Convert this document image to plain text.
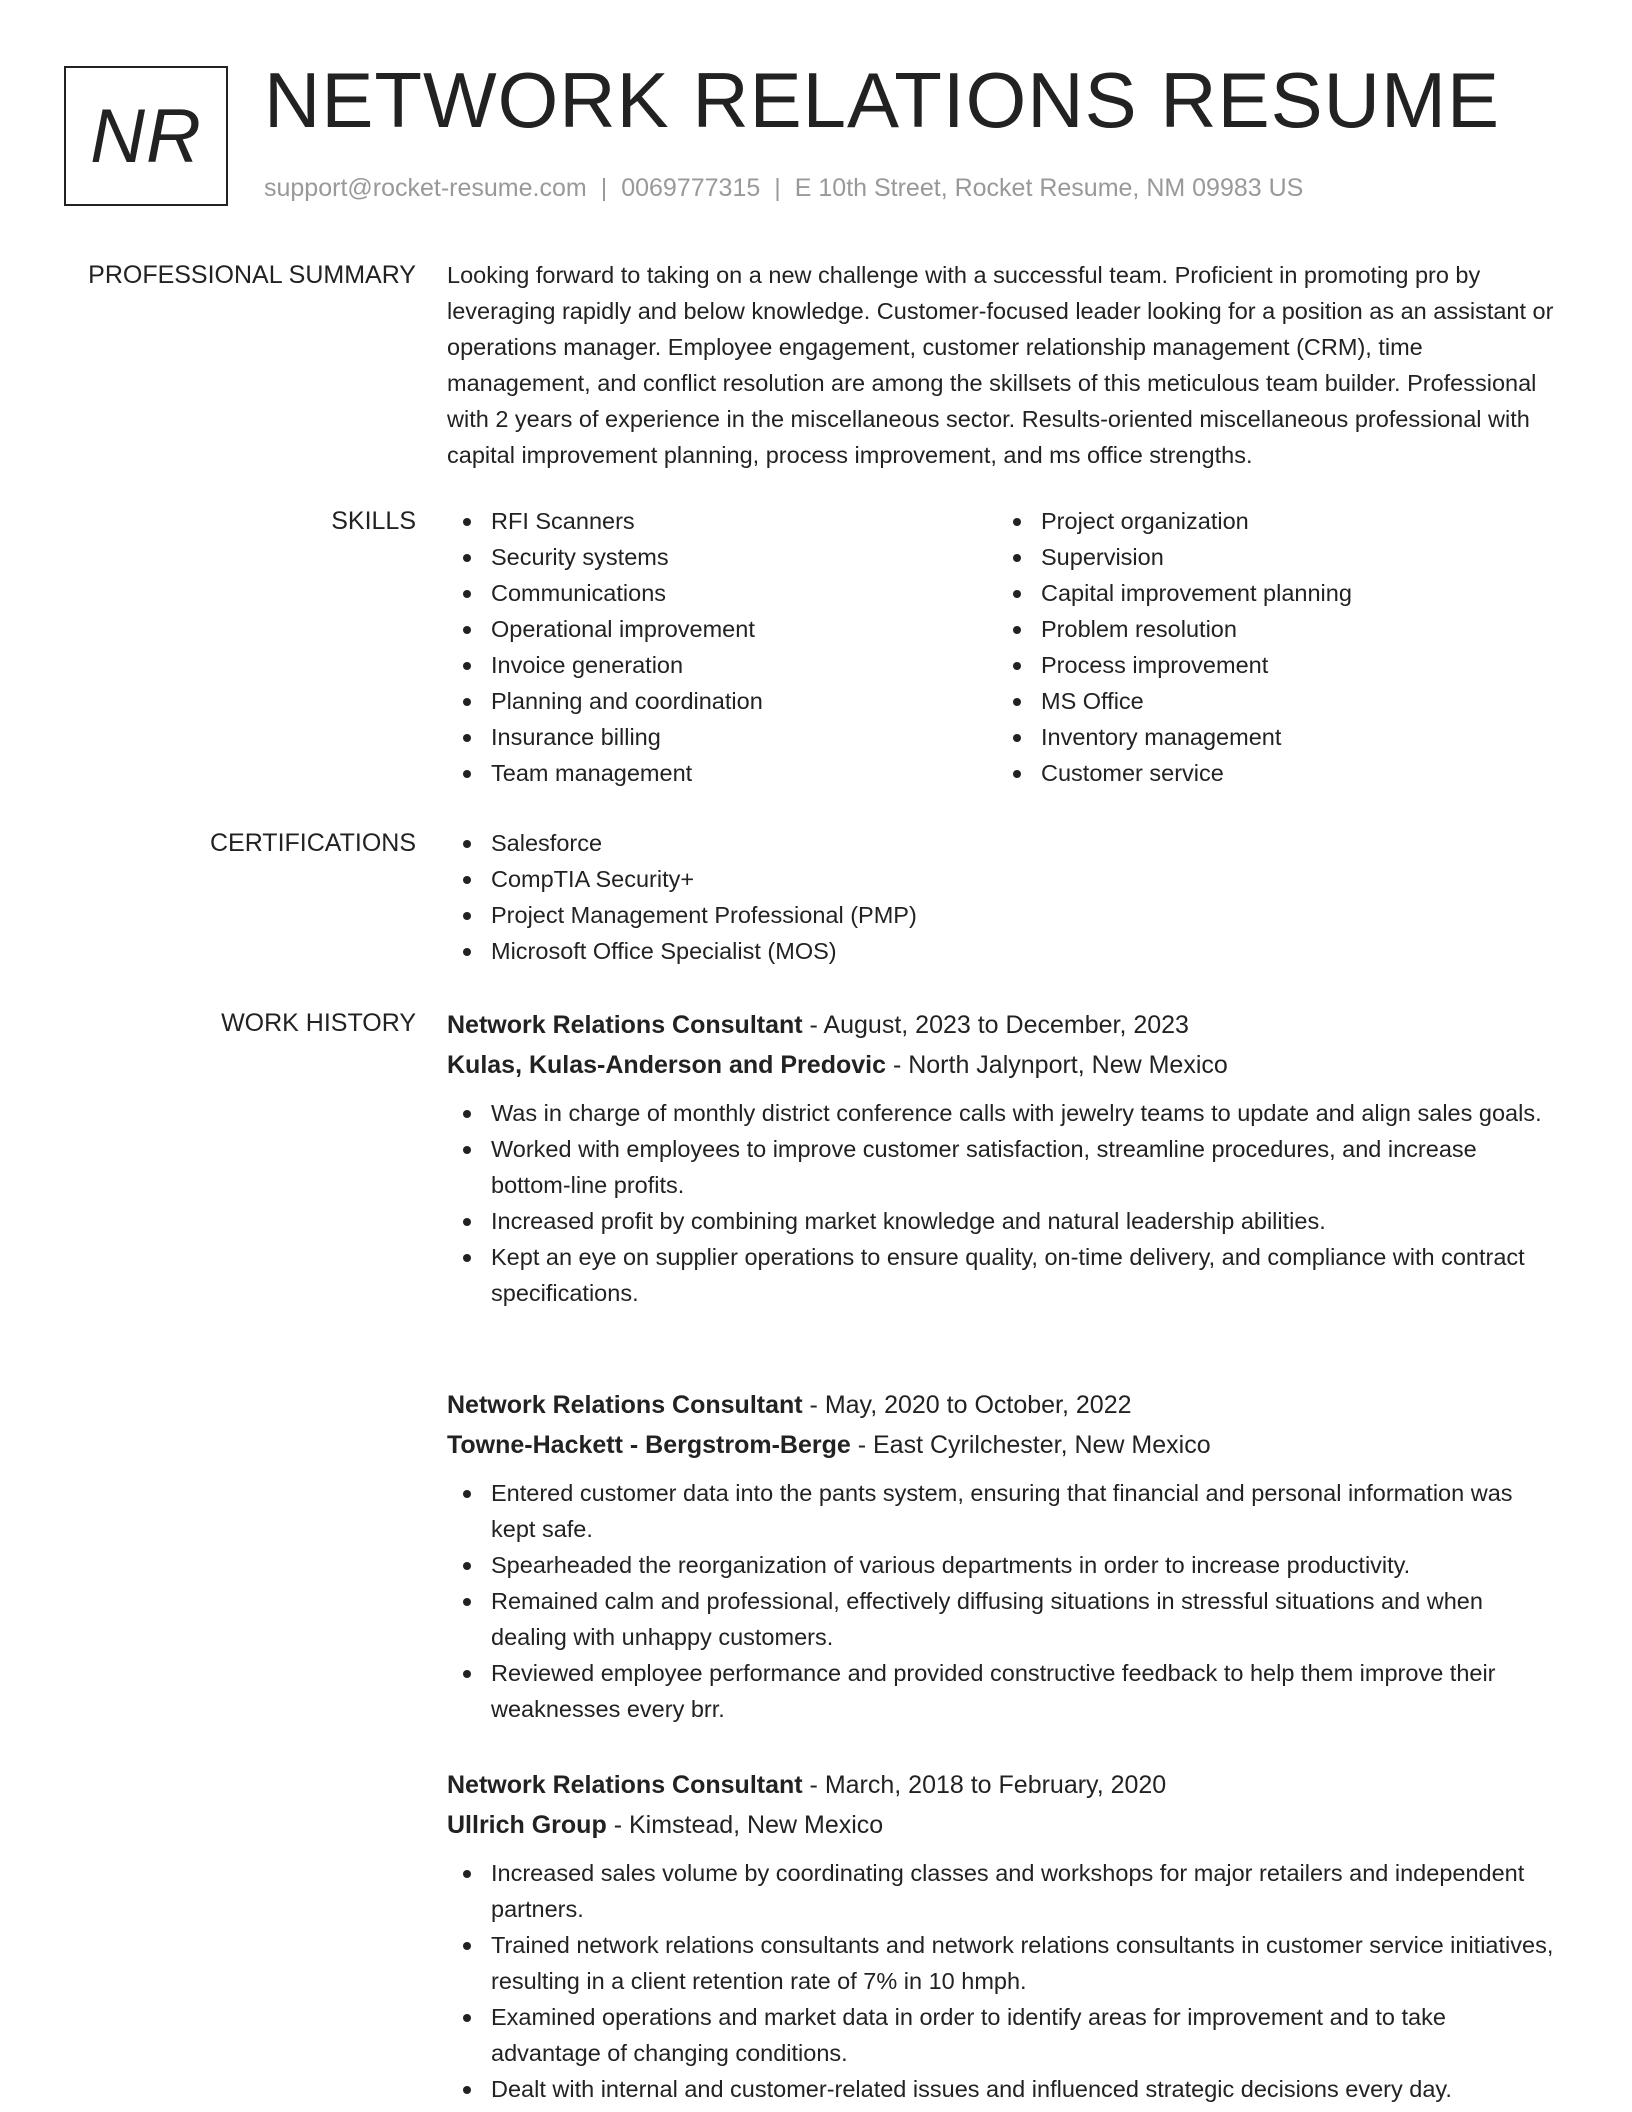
NR NETWORK RELATIONS RESUME
support@rocket-resume.com | 0069777315 | E 10th Street, Rocket Resume, NM 09983 US
PROFESSIONAL SUMMARY Looking forward to taking on a new challenge with a successful team. Proficient in promoting pro by leveraging rapidly and below knowledge. Customer-focused leader looking for a position as an assistant or operations manager. Employee engagement, customer relationship management (CRM), time management, and conflict resolution are among the skillsets of this meticulous team builder. Professional with 2 years of experience in the miscellaneous sector. Results-oriented miscellaneous professional with capital improvement planning, process improvement, and ms office strengths.
SKILLS	RFI Scanners
Security systems
Communications
Operational improvement
Invoice generation
Planning and coordination
Insurance billing
Team management
Project organization
Supervision
Capital improvement planning
Problem resolution
Process improvement
MS Office
Inventory management
Customer service
CERTIFICATIONS	Salesforce
CompTIA Security+
Project Management Professional (PMP)
Microsoft Office Specialist (MOS)
WORK HISTORY Network Relations Consultant - August, 2023 to December, 2023
Kulas, Kulas-Anderson and Predovic - North Jalynport, New Mexico
Was in charge of monthly district conference calls with jewelry teams to update and align sales goals.
Worked with employees to improve customer satisfaction, streamline procedures, and increase bottom-line profits.
Increased profit by combining market knowledge and natural leadership abilities.
Kept an eye on supplier operations to ensure quality, on-time delivery, and compliance with contract specifications.
Network Relations Consultant - May, 2020 to October, 2022
Towne-Hackett - Bergstrom-Berge - East Cyrilchester, New Mexico
Entered customer data into the pants system, ensuring that financial and personal information was kept safe.
Spearheaded the reorganization of various departments in order to increase productivity.
Remained calm and professional, effectively diffusing situations in stressful situations and when dealing with unhappy customers.
Reviewed employee performance and provided constructive feedback to help them improve their weaknesses every brr.
Network Relations Consultant - March, 2018 to February, 2020
Ullrich Group - Kimstead, New Mexico
Increased sales volume by coordinating classes and workshops for major retailers and independent partners.
Trained network relations consultants and network relations consultants in customer service initiatives, resulting in a client retention rate of 7% in 10 hmph.
Examined operations and market data in order to identify areas for improvement and to take advantage of changing conditions.
Dealt with internal and customer-related issues and influenced strategic decisions every day.
